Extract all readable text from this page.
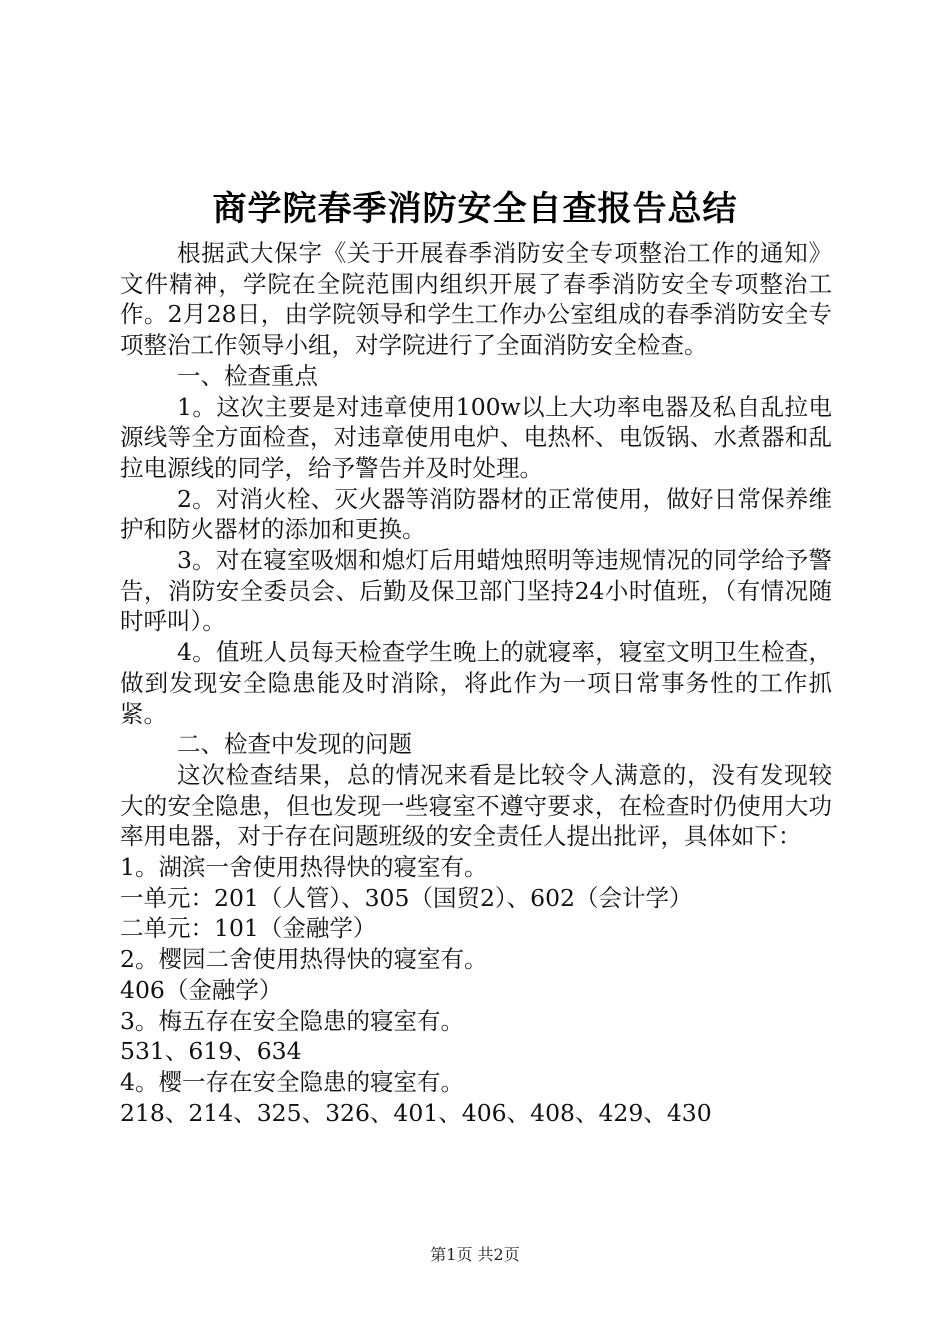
商学院春季消防安全自查报告总结

根据武大保字《关于开展春季消防安全专项整治工作的通知》文件精神，学院在全院范围内组织开展了春季消防安全专项整治工作。2月28日，由学院领导和学生工作办公室组成的春季消防安全专项整治工作领导小组，对学院进行了全面消防安全检查。

一、检查重点

1。这次主要是对违章使用100w以上大功率电器及私自乱拉电源线等全方面检查，对违章使用电炉、电热杯、电饭锅、水煮器和乱拉电源线的同学，给予警告并及时处理。

2。对消火栓、灭火器等消防器材的正常使用，做好日常保养维护和防火器材的添加和更换。

3。对在寝室吸烟和熄灯后用蜡烛照明等违规情况的同学给予警告，消防安全委员会、后勤及保卫部门坚持24小时值班，（有情况随时呼叫）。

4。值班人员每天检查学生晚上的就寝率，寝室文明卫生检查，做到发现安全隐患能及时消除，将此作为一项日常事务性的工作抓紧。

二、检查中发现的问题

这次检查结果，总的情况来看是比较令人满意的，没有发现较大的安全隐患，但也发现一些寝室不遵守要求，在检查时仍使用大功率用电器，对于存在问题班级的安全责任人提出批评，具体如下：

1。湖滨一舍使用热得快的寝室有。

一单元：201（人管）、305（国贸2）、602（会计学）

二单元：101（金融学）

2。樱园二舍使用热得快的寝室有。

406（金融学）

3。梅五存在安全隐患的寝室有。

531、619、634

4。樱一存在安全隐患的寝室有。

218、214、325、326、401、406、408、429、430

第1页 共2页
